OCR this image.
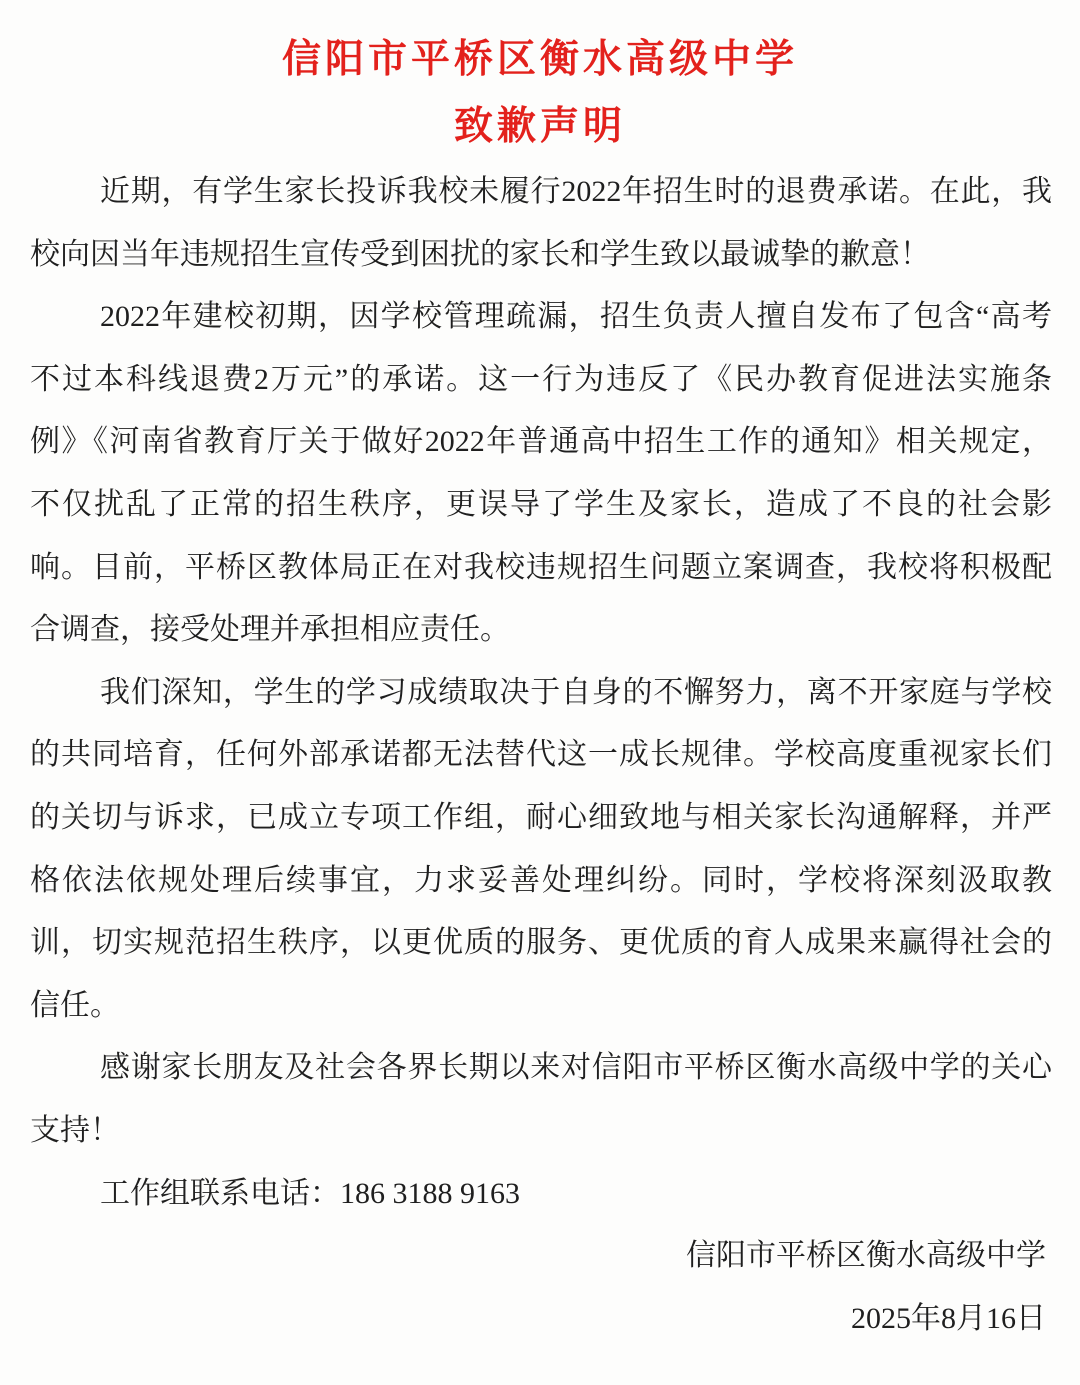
信阳市平桥区衡水高级中学
致歉声明
近期，有学生家长投诉我校未履行2022年招生时的退费承诺。在此，我
校向因当年违规招生宣传受到困扰的家长和学生致以最诚挚的歉意！
2022年建校初期，因学校管理疏漏，招生负责人擅自发布了包含“高考
不过本科线退费2万元”的承诺。这一行为违反了《民办教育促进法实施条
例》《河南省教育厅关于做好2022年普通高中招生工作的通知》相关规定，
不仅扰乱了正常的招生秩序，更误导了学生及家长，造成了不良的社会影
响。目前，平桥区教体局正在对我校违规招生问题立案调查，我校将积极配
合调查，接受处理并承担相应责任。
我们深知，学生的学习成绩取决于自身的不懈努力，离不开家庭与学校
的共同培育，任何外部承诺都无法替代这一成长规律。学校高度重视家长们
的关切与诉求，已成立专项工作组，耐心细致地与相关家长沟通解释，并严
格依法依规处理后续事宜，力求妥善处理纠纷。同时，学校将深刻汲取教
训，切实规范招生秩序，以更优质的服务、更优质的育人成果来赢得社会的
信任。
感谢家长朋友及社会各界长期以来对信阳市平桥区衡水高级中学的关心
支持！
工作组联系电话：186 3188 9163
信阳市平桥区衡水高级中学
2025年8月16日
